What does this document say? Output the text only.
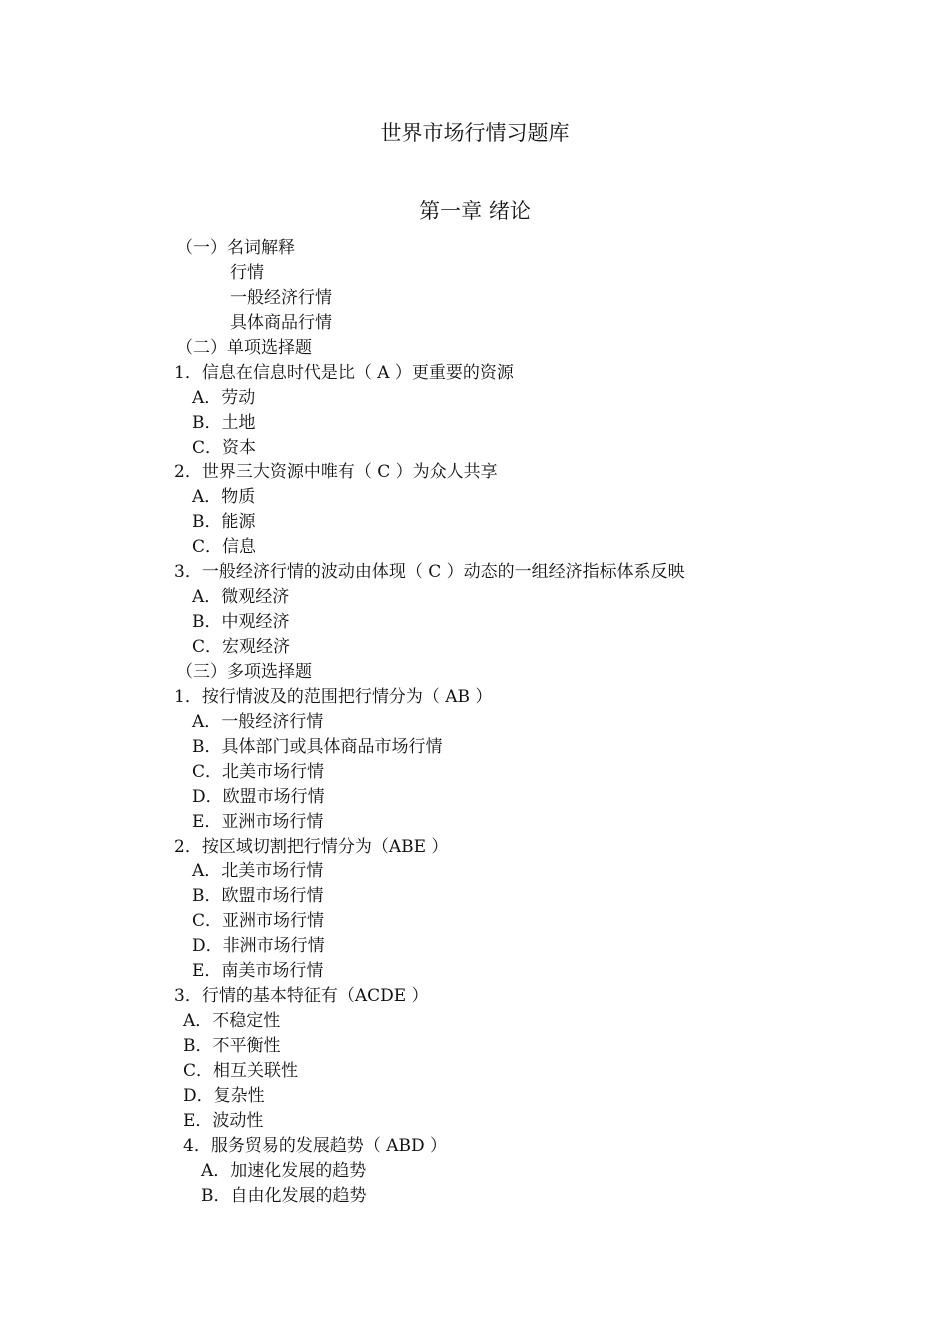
世界市场行情习题库
第一章 绪论
（一）名词解释
行情
一般经济行情
具体商品行情
（二）单项选择题
1．信息在信息时代是比（ A ）更重要的资源
A．劳动
B．土地
C．资本
2．世界三大资源中唯有（ C ）为众人共享
A．物质
B．能源
C．信息
3．一般经济行情的波动由体现（ C ）动态的一组经济指标体系反映
A．微观经济
B．中观经济
C．宏观经济
（三）多项选择题
1．按行情波及的范围把行情分为（ AB ）
A．一般经济行情
B．具体部门或具体商品市场行情
C．北美市场行情
D．欧盟市场行情
E．亚洲市场行情
2．按区域切割把行情分为（ABE ）
A．北美市场行情
B．欧盟市场行情
C．亚洲市场行情
D．非洲市场行情
E．南美市场行情
3．行情的基本特征有（ACDE ）
A．不稳定性
B．不平衡性
C．相互关联性
D．复杂性
E．波动性
4．服务贸易的发展趋势（ ABD ）
A．加速化发展的趋势
B．自由化发展的趋势
